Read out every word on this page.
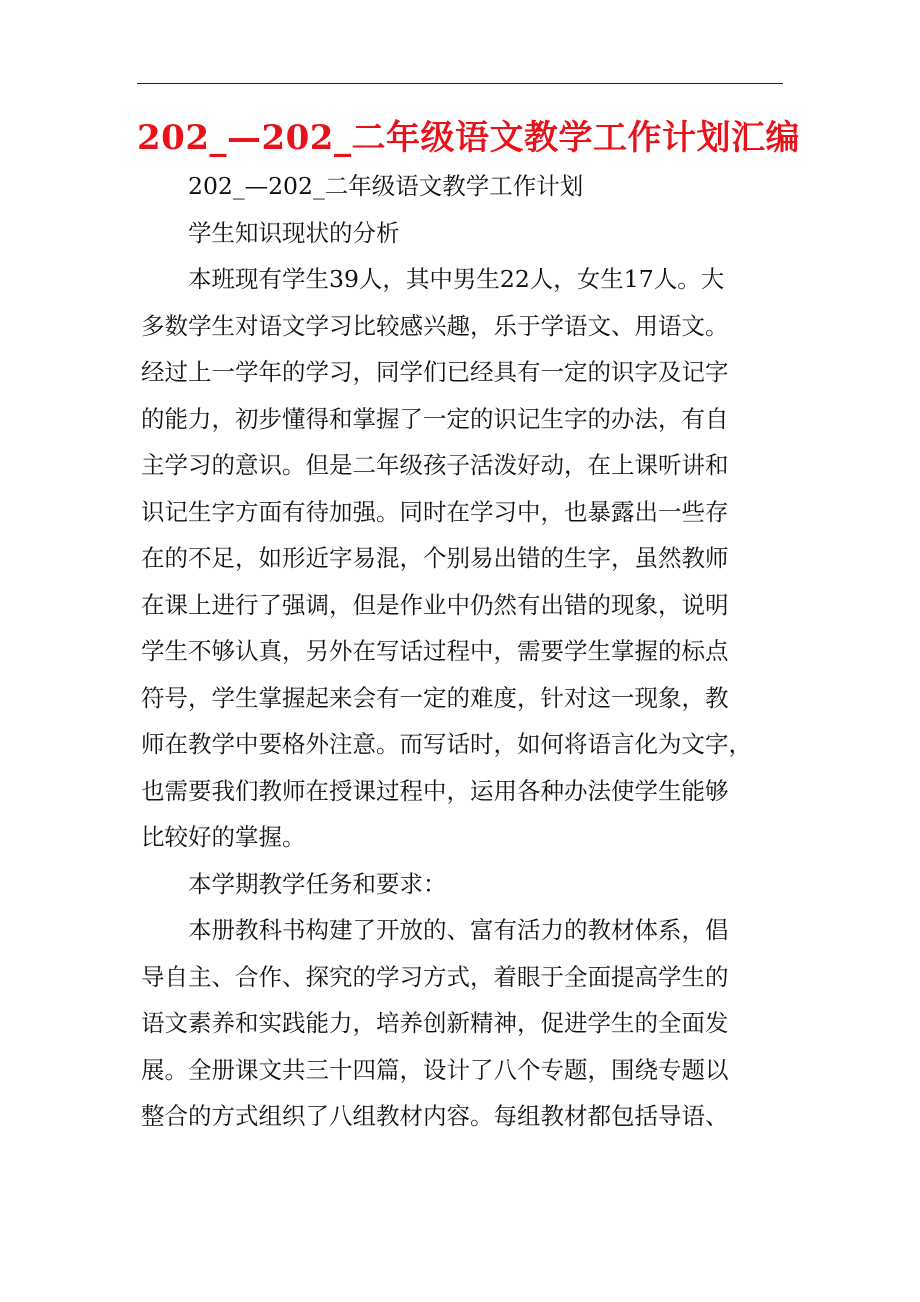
202_—202_二年级语文教学工作计划汇编
202_—202_二年级语文教学工作计划
学生知识现状的分析
本班现有学生39人，其中男生22人，女生17人。大
多数学生对语文学习比较感兴趣，乐于学语文、用语文。
经过上一学年的学习，同学们已经具有一定的识字及记字
的能力，初步懂得和掌握了一定的识记生字的办法，有自
主学习的意识。但是二年级孩子活泼好动，在上课听讲和
识记生字方面有待加强。同时在学习中，也暴露出一些存
在的不足，如形近字易混，个别易出错的生字，虽然教师
在课上进行了强调，但是作业中仍然有出错的现象，说明
学生不够认真，另外在写话过程中，需要学生掌握的标点
符号，学生掌握起来会有一定的难度，针对这一现象，教
师在教学中要格外注意。而写话时，如何将语言化为文字，
也需要我们教师在授课过程中，运用各种办法使学生能够
比较好的掌握。
本学期教学任务和要求：
本册教科书构建了开放的、富有活力的教材体系，倡
导自主、合作、探究的学习方式，着眼于全面提高学生的
语文素养和实践能力，培养创新精神，促进学生的全面发
展。全册课文共三十四篇，设计了八个专题，围绕专题以
整合的方式组织了八组教材内容。每组教材都包括导语、
